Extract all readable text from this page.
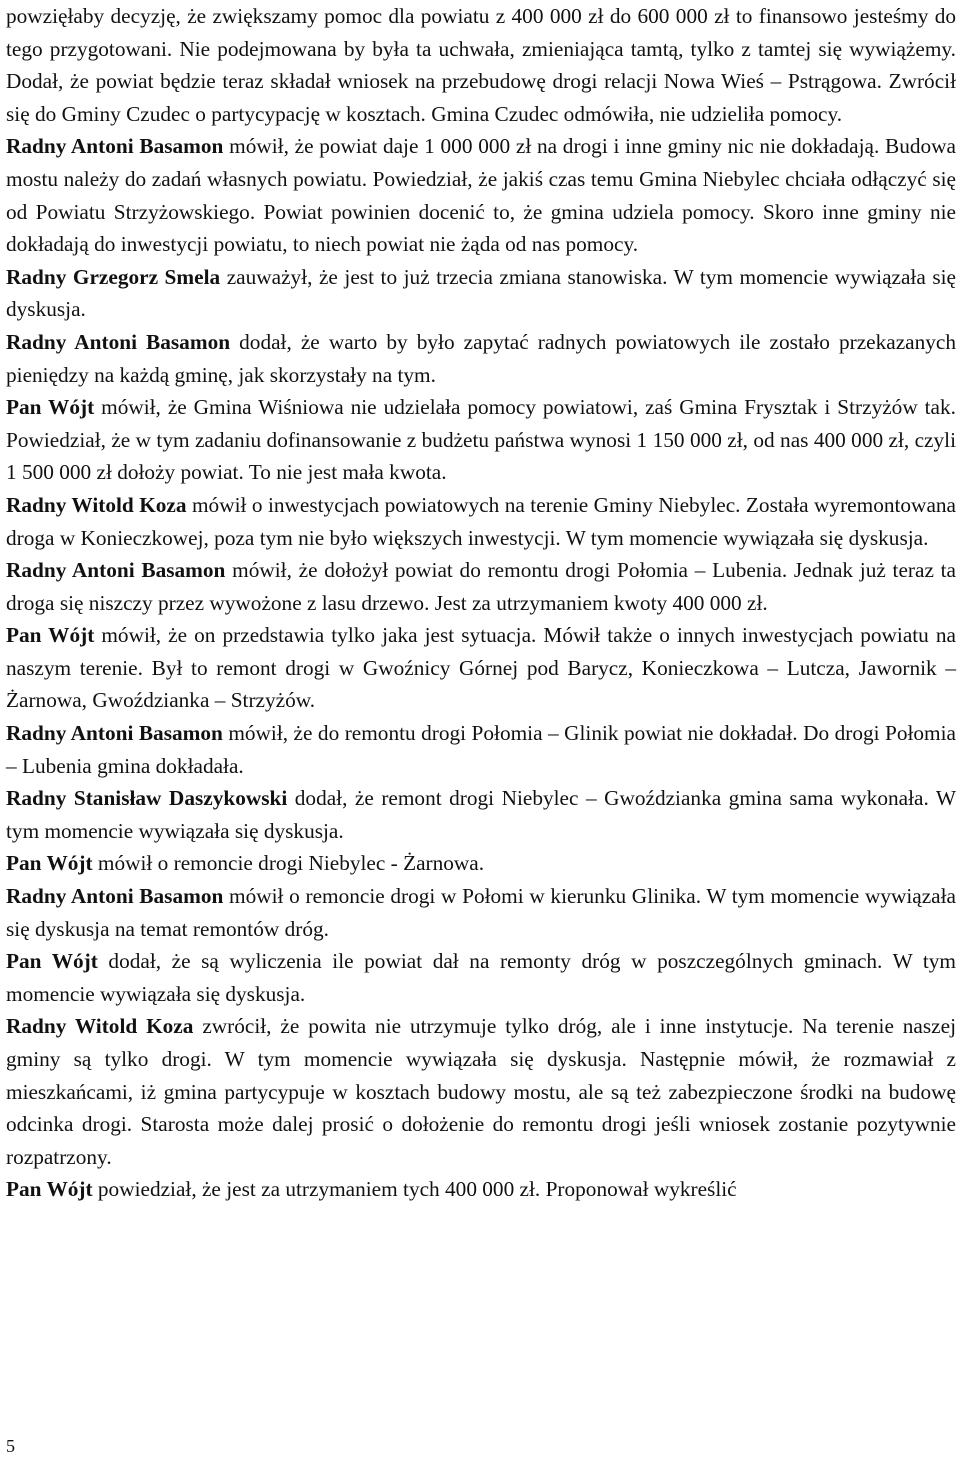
powzięłaby decyzję, że zwiększamy pomoc dla powiatu z 400 000 zł do 600 000 zł to finansowo jesteśmy do tego przygotowani. Nie podejmowana by była ta uchwała, zmieniająca tamtą, tylko z tamtej się wywiążemy. Dodał, że powiat będzie teraz składał wniosek na przebudowę drogi relacji Nowa Wieś – Pstrągowa. Zwrócił się do Gminy Czudec o partycypację w kosztach. Gmina Czudec odmówiła, nie udzieliła pomocy.

Radny Antoni Basamon mówił, że powiat daje 1 000 000 zł na drogi i inne gminy nic nie dokładają. Budowa mostu należy do zadań własnych powiatu. Powiedział, że jakiś czas temu Gmina Niebylec chciała odłączyć się od Powiatu Strzyżowskiego. Powiat powinien docenić to, że gmina udziela pomocy. Skoro inne gminy nie dokładają do inwestycji powiatu, to niech powiat nie żąda od nas pomocy.

Radny Grzegorz Smela zauważył, że jest to już trzecia zmiana stanowiska. W tym momencie wywiązała się dyskusja.

Radny Antoni Basamon dodał, że warto by było zapytać radnych powiatowych ile zostało przekazanych pieniędzy na każdą gminę, jak skorzystały na tym.

Pan Wójt mówił, że Gmina Wiśniowa nie udzielała pomocy powiatowi, zaś Gmina Frysztak i Strzyżów tak. Powiedział, że w tym zadaniu dofinansowanie z budżetu państwa wynosi 1 150 000 zł, od nas 400 000 zł, czyli 1 500 000 zł dołoży powiat. To nie jest mała kwota.

Radny Witold Koza mówił o inwestycjach powiatowych na terenie Gminy Niebylec. Została wyremontowana droga w Konieczkowej, poza tym nie było większych inwestycji. W tym momencie wywiązała się dyskusja.

Radny Antoni Basamon mówił, że dołożył powiat do remontu drogi Połomia – Lubenia. Jednak już teraz ta droga się niszczy przez wywożone z lasu drzewo. Jest za utrzymaniem kwoty 400 000 zł.

Pan Wójt mówił, że on przedstawia tylko jaka jest sytuacja. Mówił także o innych inwestycjach powiatu na naszym terenie. Był to remont drogi w Gwoźnicy Górnej pod Barycz, Konieczkowa – Lutcza, Jawornik – Żarnowa, Gwoździanka – Strzyżów.

Radny Antoni Basamon mówił, że do remontu drogi Połomia – Glinik powiat nie dokładał. Do drogi Połomia – Lubenia gmina dokładała.

Radny Stanisław Daszykowski dodał, że remont drogi Niebylec – Gwoździanka gmina sama wykonała. W tym momencie wywiązała się dyskusja.

Pan Wójt mówił o remoncie drogi Niebylec - Żarnowa.

Radny Antoni Basamon mówił o remoncie drogi w Połomi w kierunku Glinika. W tym momencie wywiązała się dyskusja na temat remontów dróg.

Pan Wójt dodał, że są wyliczenia ile powiat dał na remonty dróg w poszczególnych gminach. W tym momencie wywiązała się dyskusja.

Radny Witold Koza zwrócił, że powita nie utrzymuje tylko dróg, ale i inne instytucje. Na terenie naszej gminy są tylko drogi. W tym momencie wywiązała się dyskusja. Następnie mówił, że rozmawiał z mieszkańcami, iż gmina partycypuje w kosztach budowy mostu, ale są też zabezpieczone środki na budowę odcinka drogi. Starosta może dalej prosić o dołożenie do remontu drogi jeśli wniosek zostanie pozytywnie rozpatrzony.

Pan Wójt powiedział, że jest za utrzymaniem tych 400 000 zł. Proponował wykreślić

5
